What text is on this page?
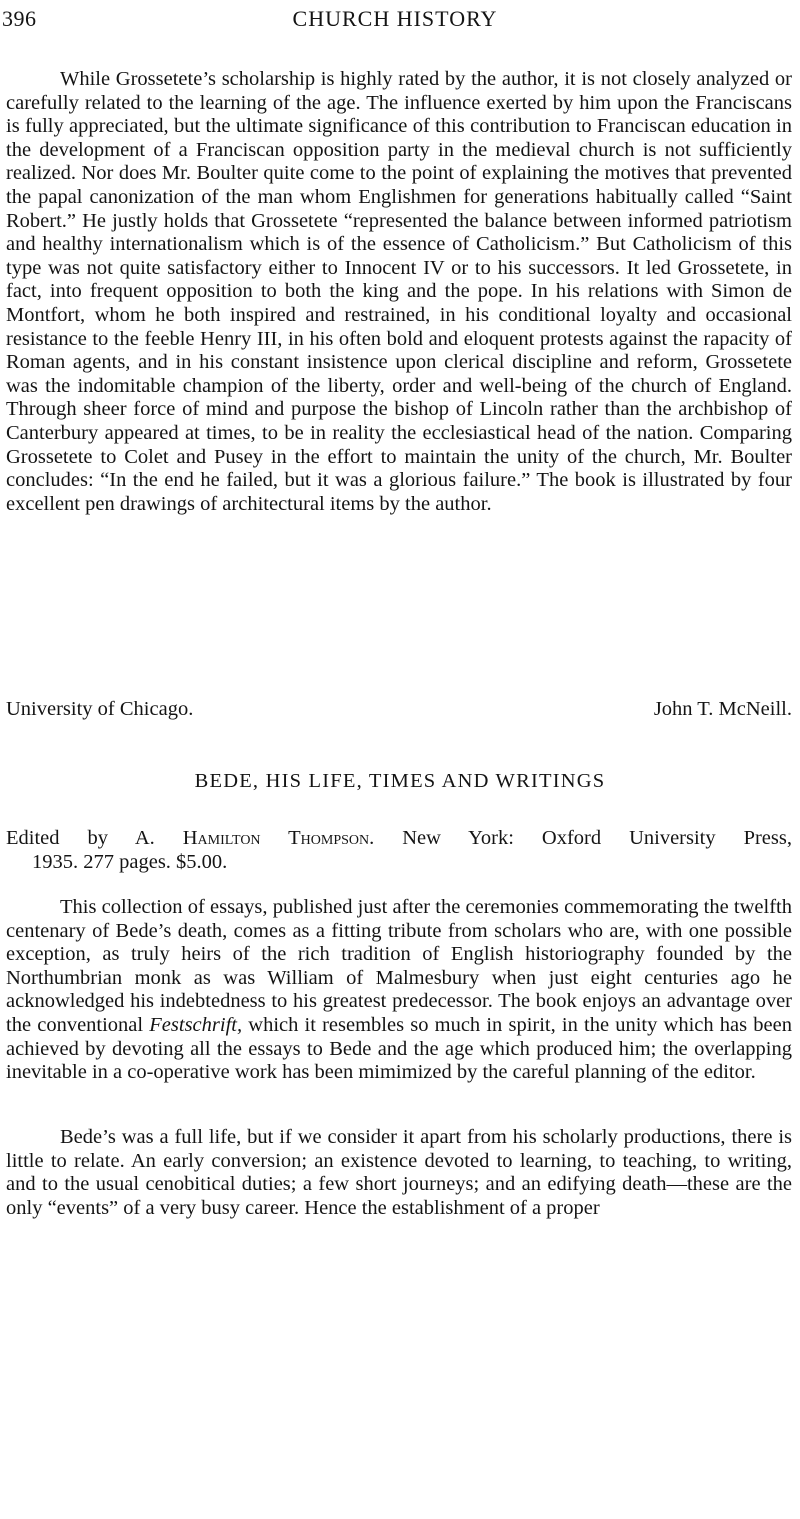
396	CHURCH HISTORY

While Grossetete’s scholarship is highly rated by the author, it is not closely analyzed or carefully related to the learning of the age. The influence exerted by him upon the Franciscans is fully appreciated, but the ultimate significance of this contribution to Franciscan education in the development of a Franciscan opposition party in the medieval church is not sufficiently realized. Nor does Mr. Boulter quite come to the point of explaining the motives that prevented the papal canonization of the man whom Englishmen for generations habitually called “Saint Robert.” He justly holds that Grossetete “represented the balance between informed patriotism and healthy internationalism which is of the essence of Catholicism.” But Catholicism of this type was not quite satisfactory either to Innocent IV or to his successors. It led Grossetete, in fact, into frequent opposition to both the king and the pope. In his relations with Simon de Montfort, whom he both inspired and restrained, in his conditional loyalty and occasional resistance to the feeble Henry III, in his often bold and eloquent protests against the rapacity of Roman agents, and in his constant insistence upon clerical discipline and reform, Grossetete was the indomitable champion of the liberty, order and well-being of the church of England. Through sheer force of mind and purpose the bishop of Lincoln rather than the archbishop of Canterbury appeared at times, to be in reality the ecclesiastical head of the nation. Comparing Grossetete to Colet and Pusey in the effort to maintain the unity of the church, Mr. Boulter concludes: “In the end he failed, but it was a glorious failure.” The book is illustrated by four excellent pen drawings of architectural items by the author.

University of Chicago.	John T. McNeill.
BEDE, HIS LIFE, TIMES AND WRITINGS
Edited by A. Hamilton Thompson. New York: Oxford University Press,
1935. 277 pages. $5.00.

This collection of essays, published just after the ceremonies commemorating the twelfth centenary of Bede’s death, comes as a fitting tribute from scholars who are, with one possible exception, as truly heirs of the rich tradition of English historiography founded by the Northumbrian monk as was William of Malmesbury when just eight centuries ago he acknowledged his indebtedness to his greatest predecessor. The book enjoys an advantage over the conventional Festschrift, which it resembles so much in spirit, in the unity which has been achieved by devoting all the essays to Bede and the age which produced him; the overlapping inevitable in a co-operative work has been mimimized by the careful planning of the editor.

Bede’s was a full life, but if we consider it apart from his scholarly productions, there is little to relate. An early conversion; an existence devoted to learning, to teaching, to writing, and to the usual cenobitical duties; a few short journeys; and an edifying death—these are the only “events” of a very busy career. Hence the establishment of a proper
